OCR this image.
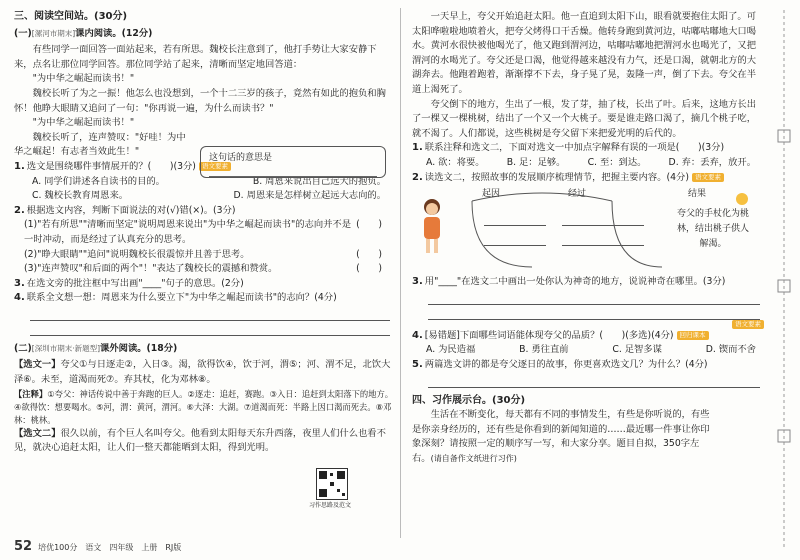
三、阅读空间站。(30分)

(一)[漯河市期末]课内阅读。(12分)

有些同学一面回答一面站起来，若有所思。魏校长注意到了，他打手势让大家安静下来，点名让那位同学回答。那位同学站了起来，清晰而坚定地回答道：

"为中华之崛起而读书！"

魏校长听了为之一振！他怎么也没想到，一个十二三岁的孩子，竟然有如此的抱负和胸怀！他睁大眼睛又追问了一句："你再说一遍，为什么而读书？"

"为中华之崛起而读书！"

魏校长听了，连声赞叹："好哇！为中华之崛起！有志者当效此生！"

1. 选文是围绕哪件事情展开的？(　　)(3分) 语文要素

A. 同学们讲述各自读书的目的。	B. 周恩来说出自己远大的抱负。
C. 魏校长教育周恩来。	D. 周恩来是怎样树立起远大志向的。

2. 根据选文内容，判断下面说法的对(√)错(×)。(3分)

(1)"若有所思""清晰而坚定"说明周恩来说出"为中华之崛起而读书"的志向并不是一时冲动，而是经过了认真充分的思考。
(　　)
(2)"睁大眼睛""追问"说明魏校长很震惊并且善于思考。	(　　)
(3)"连声赞叹"和后面的两个"！"表达了魏校长的震撼和赞赏。	(　　)

3. 在选文旁的批注框中写出画"____"句子的意思。(2分)

4. 联系全文想一想：周恩来为什么要立下"为中华之崛起而读书"的志向？(4分)

(二)[深圳市期末·新题型]课外阅读。(18分)

【选文一】夸父①与日逐走②，入日③。渴，欲得饮④，饮于河，渭⑤；河、渭不足，北饮大泽⑥。未至，道渴而死⑦。弃其杖，化为邓林⑧。

【注释】①夸父：神话传说中善于奔跑的巨人。②逐走：追赶，赛跑。③入日：追赶到太阳落下的地方。④欲得饮：想要喝水。⑤河，渭：黄河，渭河。⑥大泽：大湖。⑦道渴而死：半路上因口渴而死去。⑧邓林：桃林。

【选文二】很久以前，有个巨人名叫夸父。他看到太阳每天东升西落，夜里人们什么也看不见，就决心追赶太阳，让人们一整天都能晒到太阳，得到光明。

这句话的意思是

一天早上，夸父开始追赶太阳。他一直追到太阳下山，眼看就要抱住太阳了。可太阳哗啦啦地喷着火，把夸父烤得口干舌燥。他转身跑到黄河边，咕嘟咕嘟地大口喝水。黄河水很快被他喝光了，他又跑到渭河边，咕嘟咕嘟地把渭河水也喝光了，又把渭河的水喝光了。夸父还是口渴，他觉得越来越没有力气，还是口渴，就朝北方的大湖奔去。他跑着跑着，渐渐撑不下去，身子晃了晃，轰隆一声，倒了下去。夸父在半道上渴死了。

夸父倒下的地方，生出了一根，发了芽，抽了枝，长出了叶。后来，这地方长出了一棵又一棵桃树，结出了一个又一个大桃子。要是谁走路口渴了，摘几个桃子吃，就不渴了。人们都说，这些桃树是夸父留下来把爱光明的后代的。

1. 联系注释和选文二，下面对选文一中加点字解释有误的一项是(　　)(3分)

A. 欲：将要。 B. 足：足够。 C. 至：到达。 D. 弃：丢弃，放开。

2. 读选文二，按照故事的发展顺序梳理情节，把握主要内容。(4分) 语文要素

起因	经过	结果
夸父的手杖化为桃林，结出桃子供人解渴。

3. 用"____"在选文二中画出一处你认为神奇的地方，说说神奇在哪里。(3分)

语文要素

4. [易错题]下面哪些词语能体现夸父的品质？(　　)(多选)(4分) 回归课本

A. 为民造福	B. 勇往直前	C. 足智多谋	D. 锲而不舍

5. 两篇选文讲的都是夸父逐日的故事，你更喜欢选文几？为什么？(4分)

四、习作展示台。(30分)

生活在不断变化，每天都有不同的事情发生，有些是你听说的，有些是你亲身经历的，还有些是你看到的新闻知道的……最近哪一件事让你印象深刻？请按照一定的顺序写一写，和大家分享。题目自拟，350字左右。(请自备作文纸进行习作)

习作思路及范文
52 培优100分　语文　四年级　上册　RJ版
